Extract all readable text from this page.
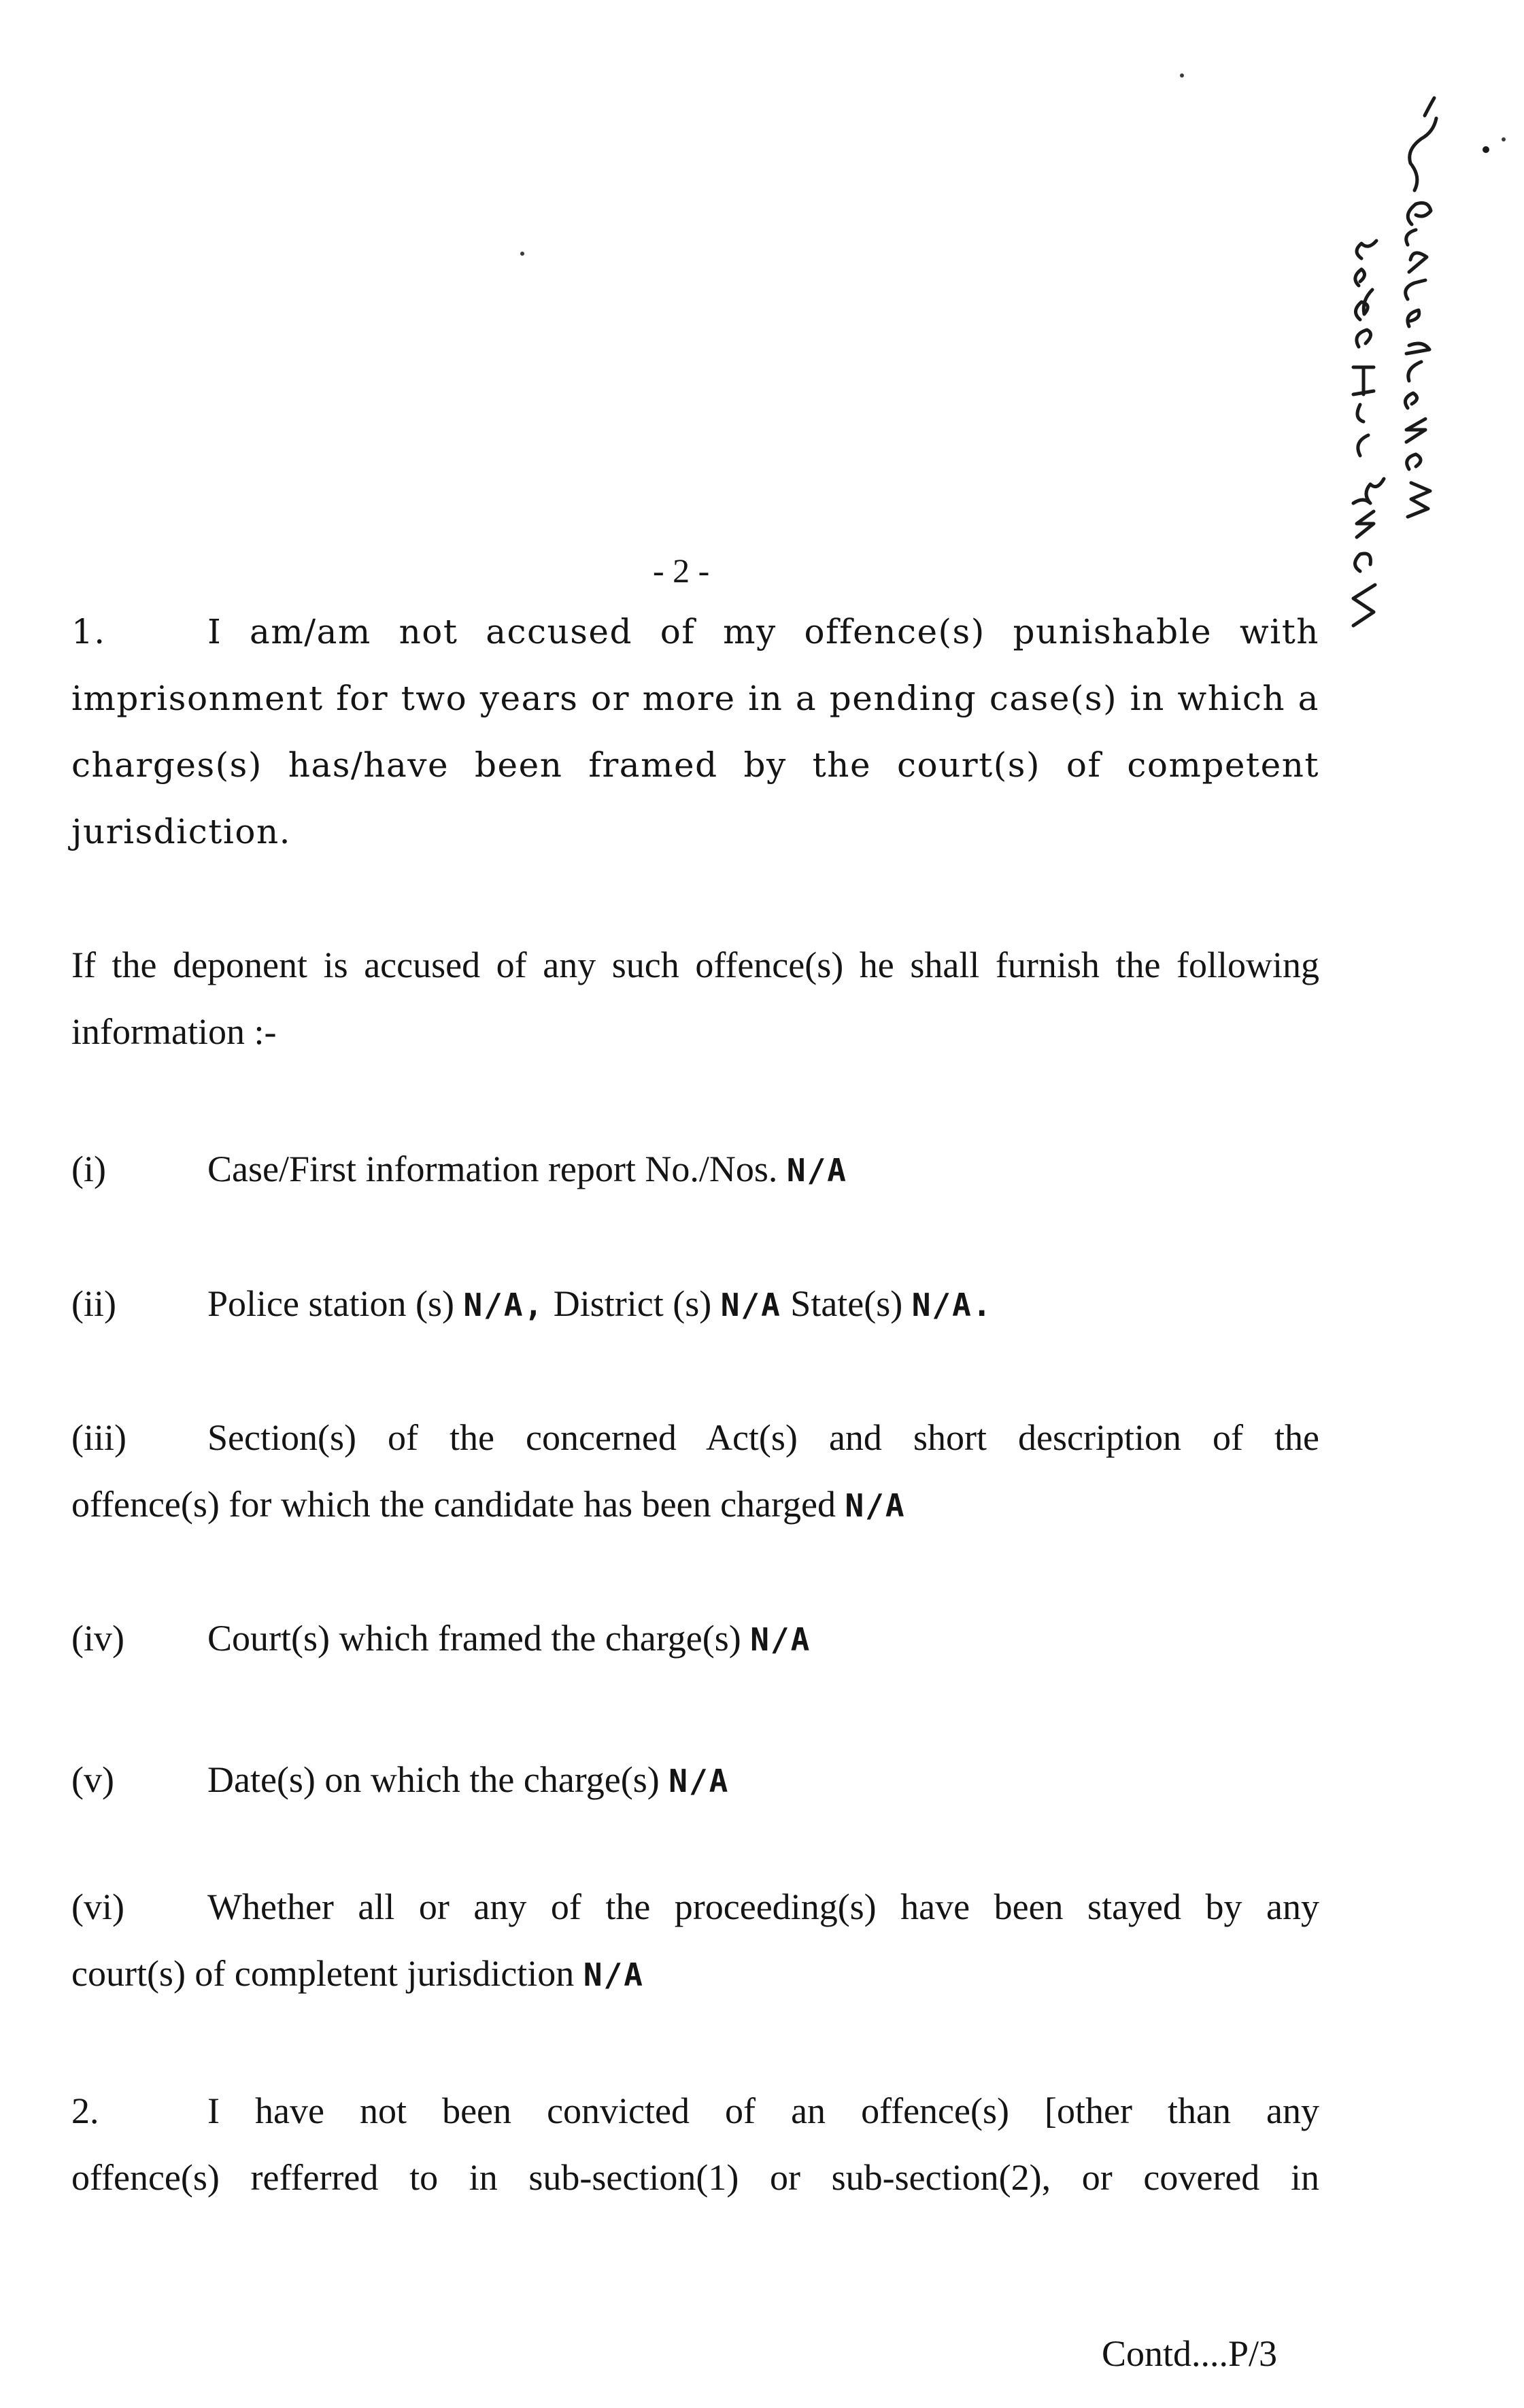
- 2 -
1.	I am/am not accused of my offence(s) punishable with
imprisonment for two years or more in a pending case(s) in which a charges(s) has/have been framed by the court(s) of competent jurisdiction.
If the deponent is accused of any such offence(s) he shall furnish the following information :-
(i)	Case/First information report No./Nos. N/A
(ii) Police station (s) N/A, District (s) N/A State(s) N/A.
(iii) Section(s) of the concerned Act(s) and short description of the
offence(s) for which the candidate has been charged N/A
(iv) Court(s) which framed the charge(s) N/A
(v)	Date(s) on which the charge(s) N/A
(vi) Whether all or any of the proceeding(s) have been stayed by any
court(s) of completent jurisdiction N/A
2.	I have not been convicted of an offence(s) [other than any
offence(s) refferred to in sub-section(1) or sub-section(2), or covered in
Contd....P/3
